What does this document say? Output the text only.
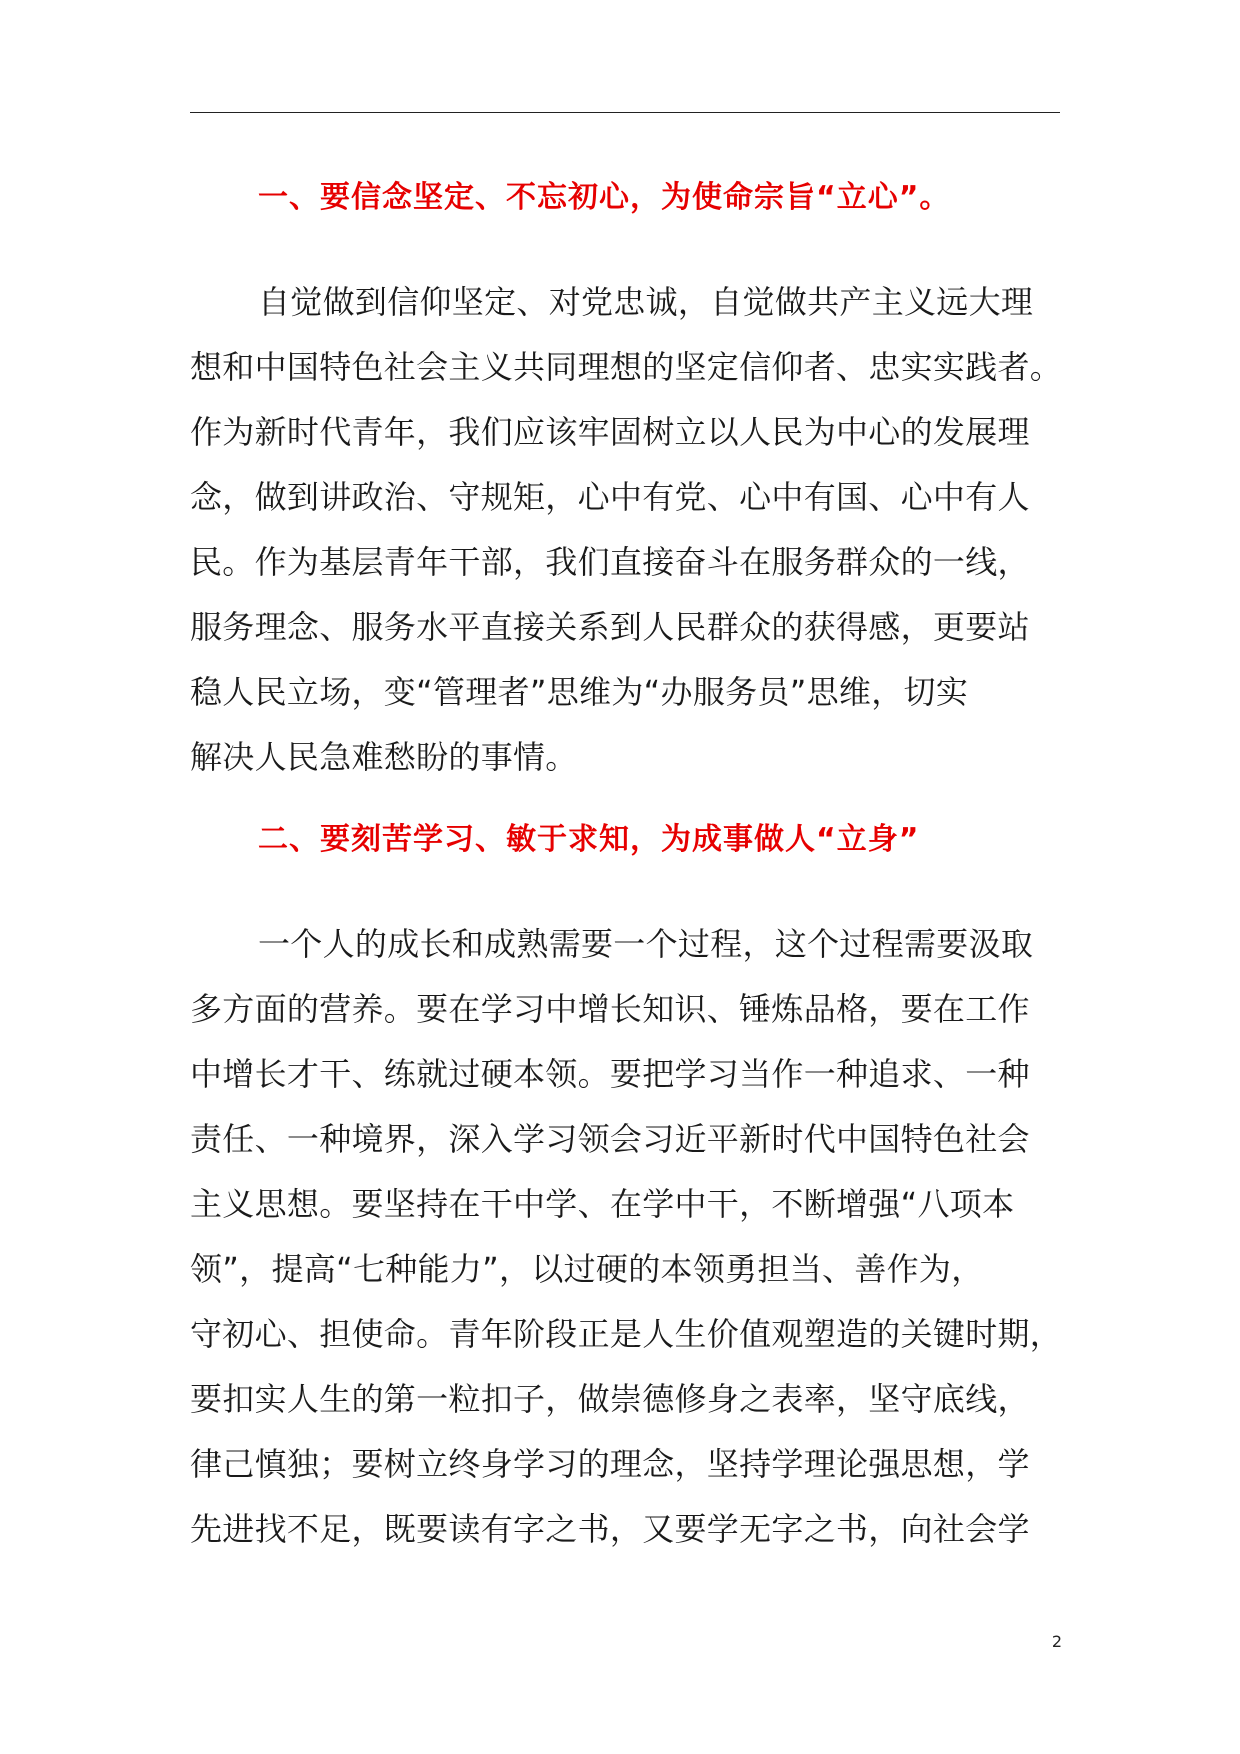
一、要信念坚定、不忘初心，为使命宗旨“立心”。
自觉做到信仰坚定、对党忠诚，自觉做共产主义远大理
想和中国特色社会主义共同理想的坚定信仰者、忠实实践者。
作为新时代青年，我们应该牢固树立以人民为中心的发展理
念，做到讲政治、守规矩，心中有党、心中有国、心中有人
民。作为基层青年干部，我们直接奋斗在服务群众的一线，
服务理念、服务水平直接关系到人民群众的获得感，更要站
稳人民立场，变“管理者”思维为“办服务员”思维，切实
解决人民急难愁盼的事情。
二、要刻苦学习、敏于求知，为成事做人“立身”
一个人的成长和成熟需要一个过程，这个过程需要汲取
多方面的营养。要在学习中增长知识、锤炼品格，要在工作
中增长才干、练就过硬本领。要把学习当作一种追求、一种
责任、一种境界，深入学习领会习近平新时代中国特色社会
主义思想。要坚持在干中学、在学中干，不断增强“八项本
领”，提高“七种能力”，以过硬的本领勇担当、善作为，
守初心、担使命。青年阶段正是人生价值观塑造的关键时期，
要扣实人生的第一粒扣子，做崇德修身之表率，坚守底线，
律己慎独；要树立终身学习的理念，坚持学理论强思想，学
先进找不足，既要读有字之书，又要学无字之书，向社会学
2
